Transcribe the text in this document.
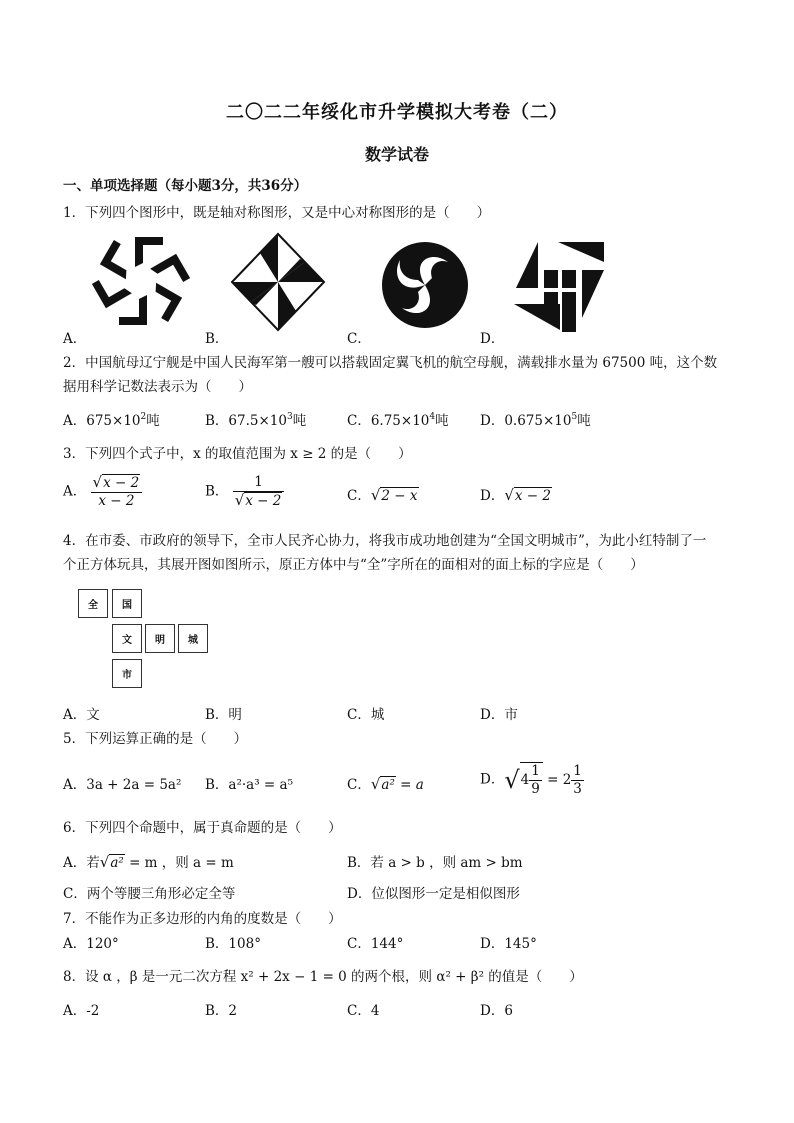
二〇二二年绥化市升学模拟大考卷（二）
数学试卷
一、单项选择题（每小题3分，共36分）
1．下列四个图形中，既是轴对称图形，又是中心对称图形的是（　　）
A．	B．	C．	D．
2．中国航母辽宁舰是中国人民海军第一艘可以搭载固定翼飞机的航空母舰，满载排水量为 67500 吨，这个数
据用科学记数法表示为（　　）
A．$675\times 10^2$吨	B．$67.5\times 10^3$吨	C．$6.75\times 10^4$吨 D．$0.675\times 10^5$吨
3．下列四个式子中，x 的取值范围为 x ≥ 2 的是（　　）
A． $\frac{√x - 2}{x - 2}$	B． $\frac{1}{√x - 2}$	C．√2 − x	D．√x − 2
4．在市委、市政府的领导下，全市人民齐心协力，将我市成功地创建为“全国文明城市”，为此小红特制了一
个正方体玩具，其展开图如图所示，原正方体中与“全”字所在的面相对的面上标的字应是（　　）
全	国
文	明	城
市
A．文	B．明	C．城	D．市
5．下列运算正确的是（　　）
A．3a + 2a = 5a² B．a²·a³ = a⁵	C．√a² = a	D．$√4 \frac{1}{9} = 2 \frac{1}{3}$
6．下列四个命题中，属于真命题的是（　　）
A．若√a² = m ，则 a = m	B．若 a > b ，则 am > bm
C．两个等腰三角形必定全等	D．位似图形一定是相似图形
7．不能作为正多边形的内角的度数是（　　）
A．120°	B．108°	C．144°	D．145°
8．设 α ，β 是一元二次方程 x² + 2x − 1 = 0 的两个根，则 α² + β² 的值是（　　）
A．-2	B．2	C．4	D．6
